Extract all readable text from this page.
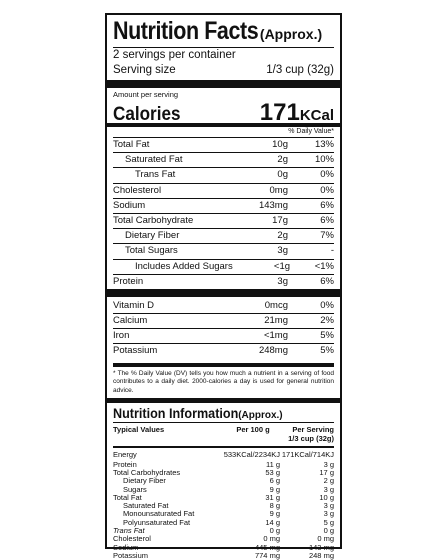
Nutrition Facts (Approx.)
2 servings per container
Serving size	1/3 cup (32g)
Amount per serving
Calories	171KCal
% Daily Value*
Total Fat	10g	13%
Saturated Fat	2g	10%
Trans Fat	0g	0%
Cholesterol	0mg	0%
Sodium	143mg	6%
Total Carbohydrate	17g	6%
Dietary Fiber	2g	7%
Total Sugars	3g	-
Includes Added Sugars	<1g	<1%
Protein	3g	6%
Vitamin D	0mcg	0%
Calcium	21mg	2%
Iron	<1mg	5%
Potassium	248mg	5%
* The % Daily Value (DV) tells you how much a nutrient in a serving of food contributes to a daily diet. 2000-calories a day is used for general nutrition advice.
Nutrition Information (Approx.)
Typical Values	Per 100 g	Per Serving
1/3 cup (32g)
Energy	533KCal/2234KJ 171KCal/714KJ
Protein	11 g	3 g
Total Carbohydrates	53 g	17 g
Dietary Fiber	6 g	2 g
Sugars	9 g	3 g
Total Fat	31 g	10 g
Saturated Fat	8 g	3 g
Monounsaturated Fat	9 g	3 g
Polyunsaturated Fat	14 g	5 g
Trans Fat	0 g	0 g
Cholesterol	0 mg	0 mg
Sodium	445 mg	143 mg
Potassium	774 mg	248 mg
